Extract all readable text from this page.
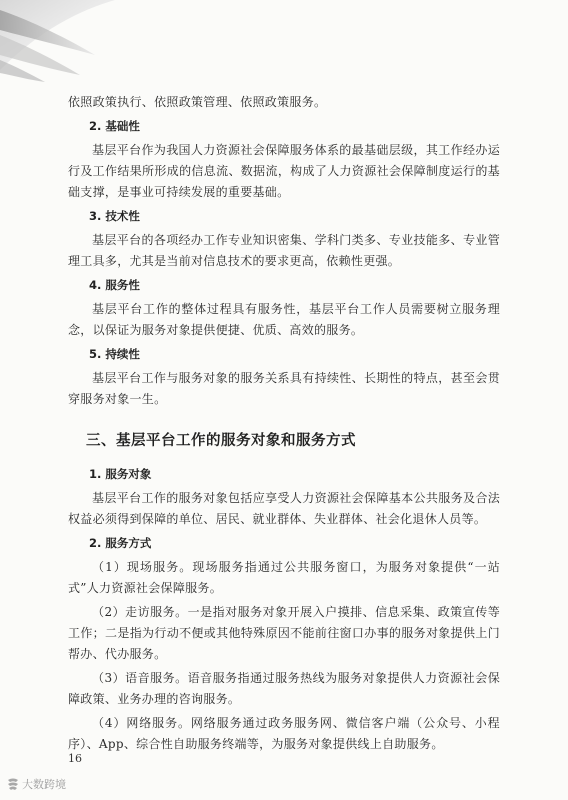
依照政策执行、依照政策管理、依照政策服务。

2. 基础性

基层平台作为我国人力资源社会保障服务体系的最基础层级，其工作经办运行及工作结果所形成的信息流、数据流，构成了人力资源社会保障制度运行的基础支撑，是事业可持续发展的重要基础。

3. 技术性

基层平台的各项经办工作专业知识密集、学科门类多、专业技能多、专业管理工具多，尤其是当前对信息技术的要求更高，依赖性更强。

4. 服务性

基层平台工作的整体过程具有服务性，基层平台工作人员需要树立服务理念，以保证为服务对象提供便捷、优质、高效的服务。

5. 持续性

基层平台工作与服务对象的服务关系具有持续性、长期性的特点，甚至会贯穿服务对象一生。

三、基层平台工作的服务对象和服务方式
1. 服务对象

基层平台工作的服务对象包括应享受人力资源社会保障基本公共服务及合法权益必须得到保障的单位、居民、就业群体、失业群体、社会化退休人员等。

2. 服务方式

（1）现场服务。现场服务指通过公共服务窗口，为服务对象提供“一站式”人力资源社会保障服务。

（2）走访服务。一是指对服务对象开展入户摸排、信息采集、政策宣传等工作；二是指为行动不便或其他特殊原因不能前往窗口办事的服务对象提供上门帮办、代办服务。

（3）语音服务。语音服务指通过服务热线为服务对象提供人力资源社会保障政策、业务办理的咨询服务。

（4）网络服务。网络服务通过政务服务网、微信客户端（公众号、小程序）、App、综合性自助服务终端等，为服务对象提供线上自助服务。

16
大数跨境
